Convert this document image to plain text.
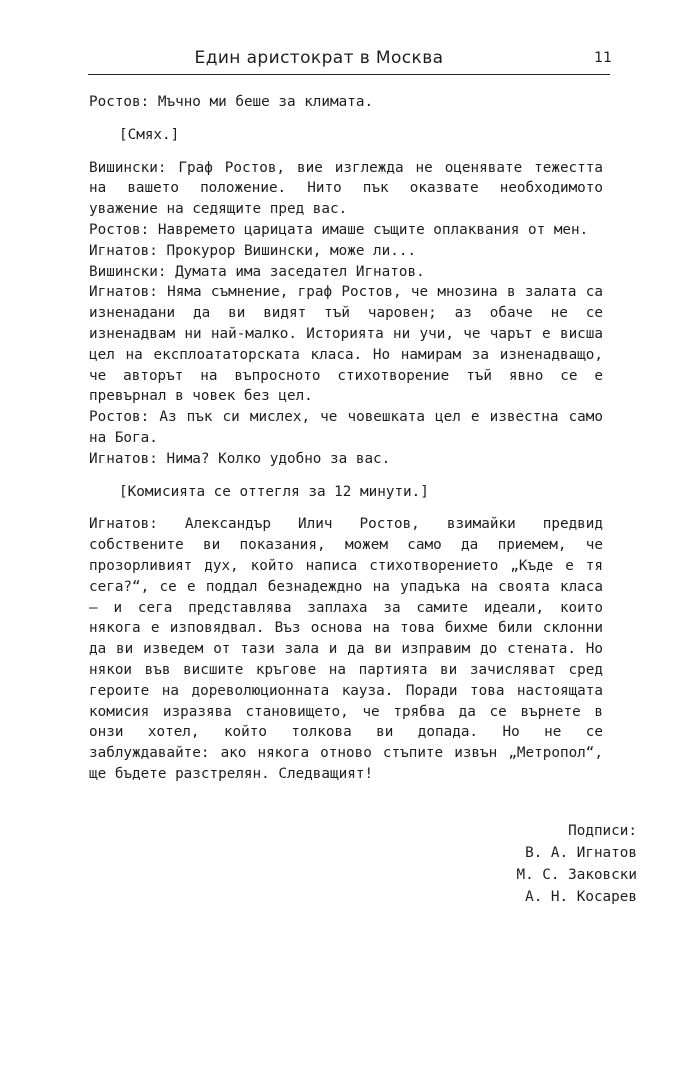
Един аристократ в Москва	11

Ростов: Мъчно ми беше за климата.

[Смях.]

Вишински: Граф Ростов, вие изглежда не оценявате тежестта на вашето положение. Нито пък оказвате необходимото уважение на седящите пред вас.

Ростов: Навремето царицата имаше същите оплаквания от мен.

Игнатов: Прокурор Вишински, може ли...

Вишински: Думата има заседател Игнатов.

Игнатов: Няма съмнение, граф Ростов, че мнозина в залата са изненадани да ви видят тъй чаровен; аз обаче не се изненадвам ни най-малко. Историята ни учи, че чарът е висша цел на експлоататорската класа. Но намирам за изненадващо, че авторът на въпросното стихотворение тъй явно се е превърнал в човек без цел.

Ростов: Аз пък си мислех, че човешката цел е известна само на Бога.

Игнатов: Нима? Колко удобно за вас.

[Комисията се оттегля за 12 минути.]

Игнатов: Александър Илич Ростов, взимайки предвид собствените ви показания, можем само да приемем, че прозорливият дух, който написа стихотворението „Къде е тя сега?“, се е поддал безнадеждно на упадъка на своята класа – и сега представлява заплаха за самите идеали, които някога е изповядвал. Въз основа на това бихме били склонни да ви изведем от тази зала и да ви изправим до стената. Но някои във висшите кръгове на партията ви зачисляват сред героите на дореволюционната кауза. Поради това настоящата комисия изразява становището, че трябва да се върнете в онзи хотел, който толкова ви допада. Но не се заблуждавайте: ако някога отново стъпите извън „Метропол“, ще бъдете разстрелян. Следващият!

Подписи:
В. А. Игнатов
М. С. Заковски
А. Н. Косарев
